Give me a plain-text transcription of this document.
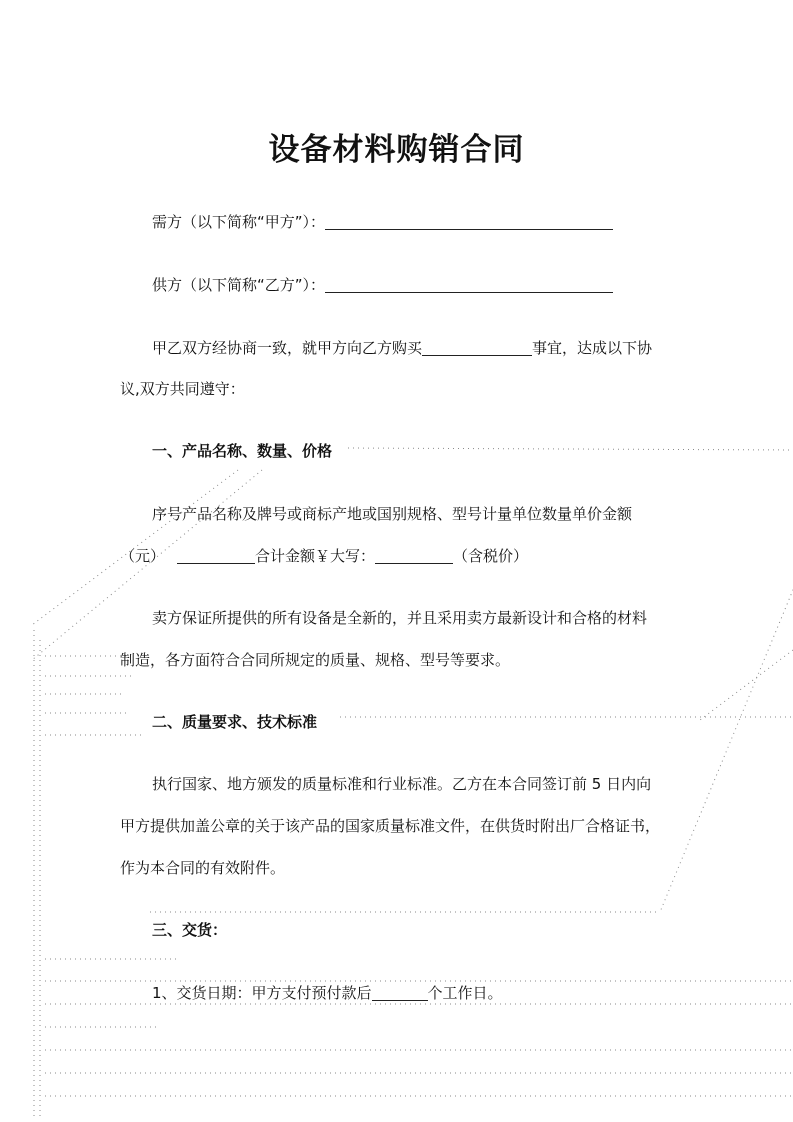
设备材料购销合同
需方（以下简称“甲方”）：
供方（以下简称“乙方”）：
甲乙双方经协商一致，就甲方向乙方购买	事宜，达成以下协
议,双方共同遵守：
一、产品名称、数量、价格
序号产品名称及牌号或商标产地或国别规格、型号计量单位数量单价金额
（元）	合计金额￥大写：	（含税价）
卖方保证所提供的所有设备是全新的，并且采用卖方最新设计和合格的材料
制造，各方面符合合同所规定的质量、规格、型号等要求。
二、质量要求、技术标准
执行国家、地方颁发的质量标准和行业标准。乙方在本合同签订前 5 日内向
甲方提供加盖公章的关于该产品的国家质量标准文件，在供货时附出厂合格证书，
作为本合同的有效附件。
三、交货：
1、交货日期：甲方支付预付款后	个工作日。
